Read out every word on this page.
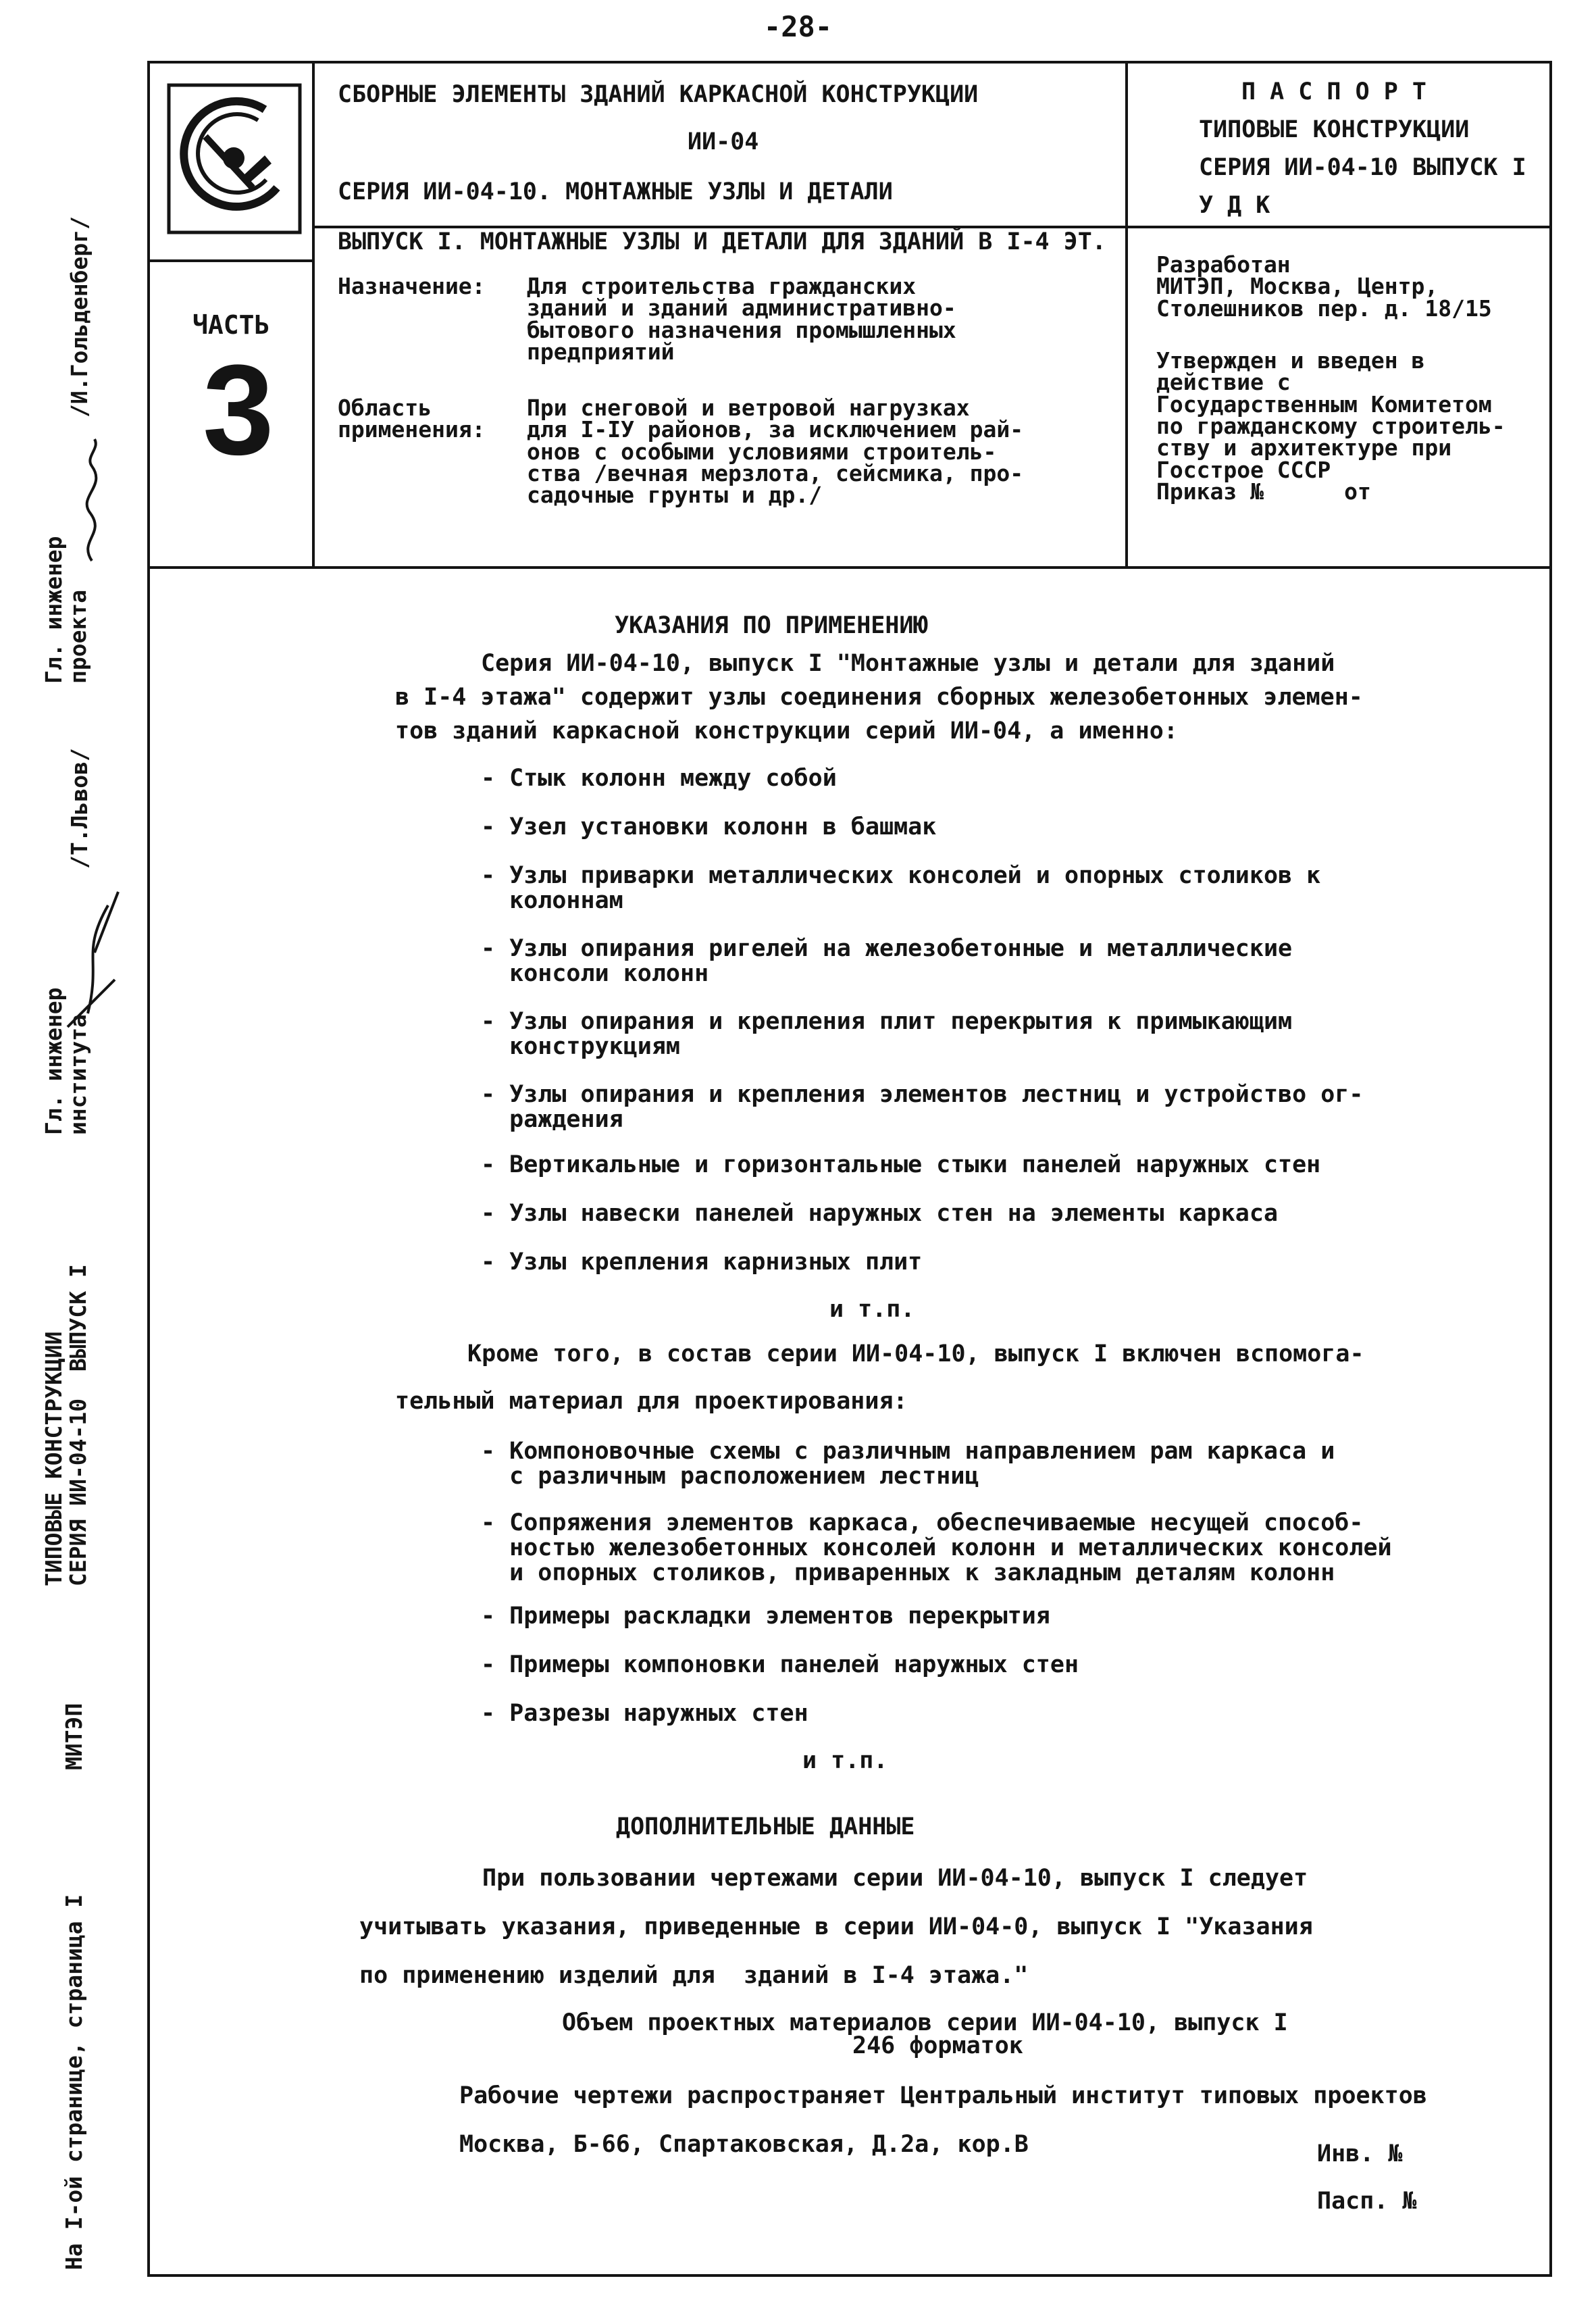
-28-
ЧАСТЬ
3
СБОРНЫЕ ЭЛЕМЕНТЫ ЗДАНИЙ КАРКАСНОЙ КОНСТРУКЦИИ
ИИ-04
СЕРИЯ ИИ-04-10. МОНТАЖНЫЕ УЗЛЫ И ДЕТАЛИ
ВЫПУСК I. МОНТАЖНЫЕ УЗЛЫ И ДЕТАЛИ ДЛЯ ЗДАНИЙ В I-4 ЭТ.
Назначение: Для строительства гражданских
зданий и зданий административно-
бытового назначения промышленных
предприятий
Область
применения:
При снеговой и ветровой нагрузках
для I-IУ районов, за исключением рай-
онов с особыми условиями строитель-
ства /вечная мерзлота, сейсмика, про-
садочные грунты и др./
П А С П О Р Т
ТИПОВЫЕ КОНСТРУКЦИИ
СЕРИЯ ИИ-04-10 ВЫПУСК I
У Д К
Разработан
МИТЭП, Москва, Центр,
Столешников пер. д. 18/15
Утвержден и введен в
действие с
Государственным Комитетом
по гражданскому строитель-
ству и архитектуре при
Госстрое СССР
Приказ №      от
Гл. инженер
проекта
/И.Гольденберг/
Гл. инженер
института
/Т.Львов/
ТИПОВЫЕ КОНСТРУКЦИИ
СЕРИЯ ИИ-04-10  ВЫПУСК I
МИТЭП
На I-ой странице, страница I
УКАЗАНИЯ ПО ПРИМЕНЕНИЮ
Серия ИИ-04-10, выпуск I "Монтажные узлы и детали для зданий
в I-4 этажа" содержит узлы соединения сборных железобетонных элемен-
тов зданий каркасной конструкции серий ИИ-04, а именно:
- Стык колонн между собой
- Узел установки колонн в башмак
- Узлы приварки металлических консолей и опорных столиков к
колоннам
- Узлы опирания ригелей на железобетонные и металлические
консоли колонн
- Узлы опирания и крепления плит перекрытия к примыкающим
конструкциям
- Узлы опирания и крепления элементов лестниц и устройство ог-
раждения
- Вертикальные и горизонтальные стыки панелей наружных стен
- Узлы навески панелей наружных стен на элементы каркаса
- Узлы крепления карнизных плит
и т.п.
Кроме того, в состав серии ИИ-04-10, выпуск I включен вспомога-
тельный материал для проектирования:
- Компоновочные схемы с различным направлением рам каркаса и
с различным расположением лестниц
- Сопряжения элементов каркаса, обеспечиваемые несущей способ-
ностью железобетонных консолей колонн и металлических консолей
и опорных столиков, приваренных к закладным деталям колонн
- Примеры раскладки элементов перекрытия
- Примеры компоновки панелей наружных стен
- Разрезы наружных стен
и т.п.
ДОПОЛНИТЕЛЬНЫЕ ДАННЫЕ
При пользовании чертежами серии ИИ-04-10, выпуск I следует
учитывать указания, приведенные в серии ИИ-04-0, выпуск I "Указания
по применению изделий для  зданий в I-4 этажа."
Объем проектных материалов серии ИИ-04-10, выпуск I
246 форматок
Рабочие чертежи распространяет Центральный институт типовых проектов
Москва, Б-66, Спартаковская, Д.2а, кор.В	Инв. №
Пасп. №
